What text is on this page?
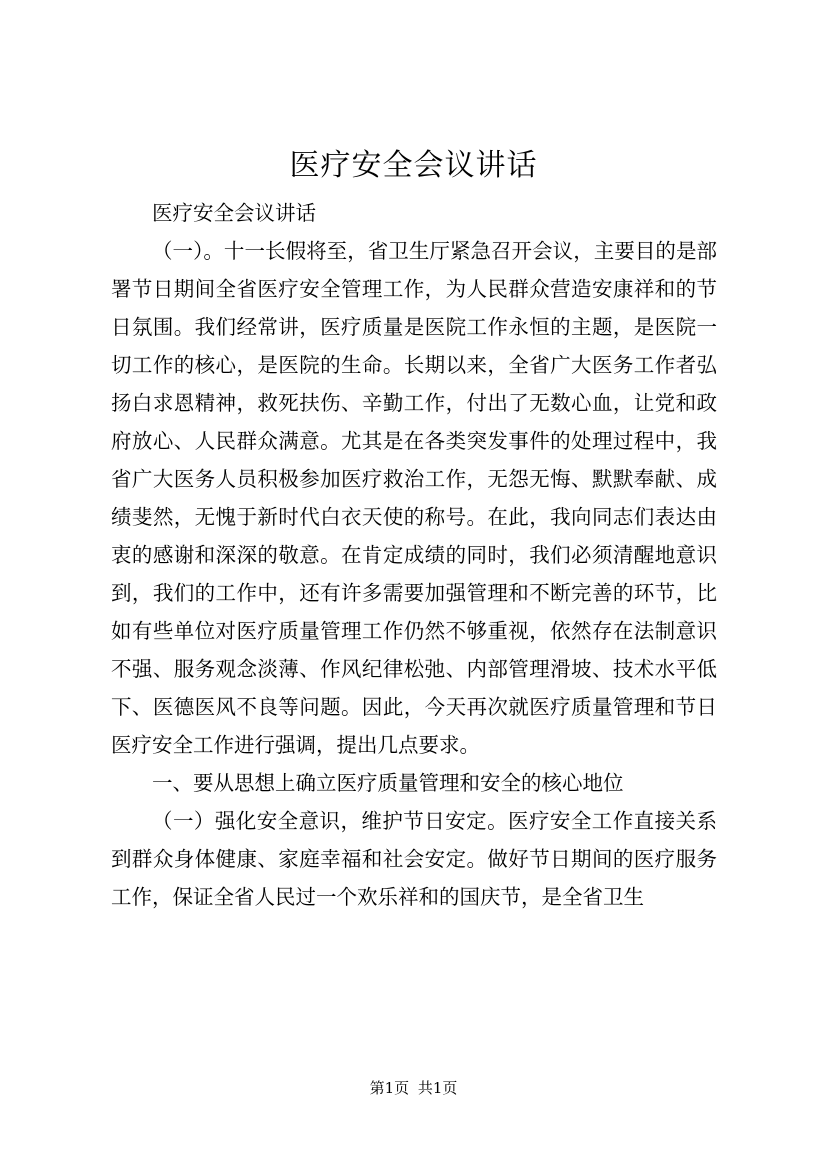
医疗安全会议讲话

医疗安全会议讲话

（一）。十一长假将至，省卫生厅紧急召开会议，主要目的是部署节日期间全省医疗安全管理工作，为人民群众营造安康祥和的节日氛围。我们经常讲，医疗质量是医院工作永恒的主题，是医院一切工作的核心，是医院的生命。长期以来，全省广大医务工作者弘扬白求恩精神，救死扶伤、辛勤工作，付出了无数心血，让党和政府放心、人民群众满意。尤其是在各类突发事件的处理过程中，我省广大医务人员积极参加医疗救治工作，无怨无悔、默默奉献、成绩斐然，无愧于新时代白衣天使的称号。在此，我向同志们表达由衷的感谢和深深的敬意。在肯定成绩的同时，我们必须清醒地意识到，我们的工作中，还有许多需要加强管理和不断完善的环节，比如有些单位对医疗质量管理工作仍然不够重视，依然存在法制意识不强、服务观念淡薄、作风纪律松弛、内部管理滑坡、技术水平低下、医德医风不良等问题。因此，今天再次就医疗质量管理和节日医疗安全工作进行强调，提出几点要求。

一、要从思想上确立医疗质量管理和安全的核心地位

（一）强化安全意识，维护节日安定。医疗安全工作直接关系到群众身体健康、家庭幸福和社会安定。做好节日期间的医疗服务工作，保证全省人民过一个欢乐祥和的国庆节，是全省卫生

第1页 共1页
